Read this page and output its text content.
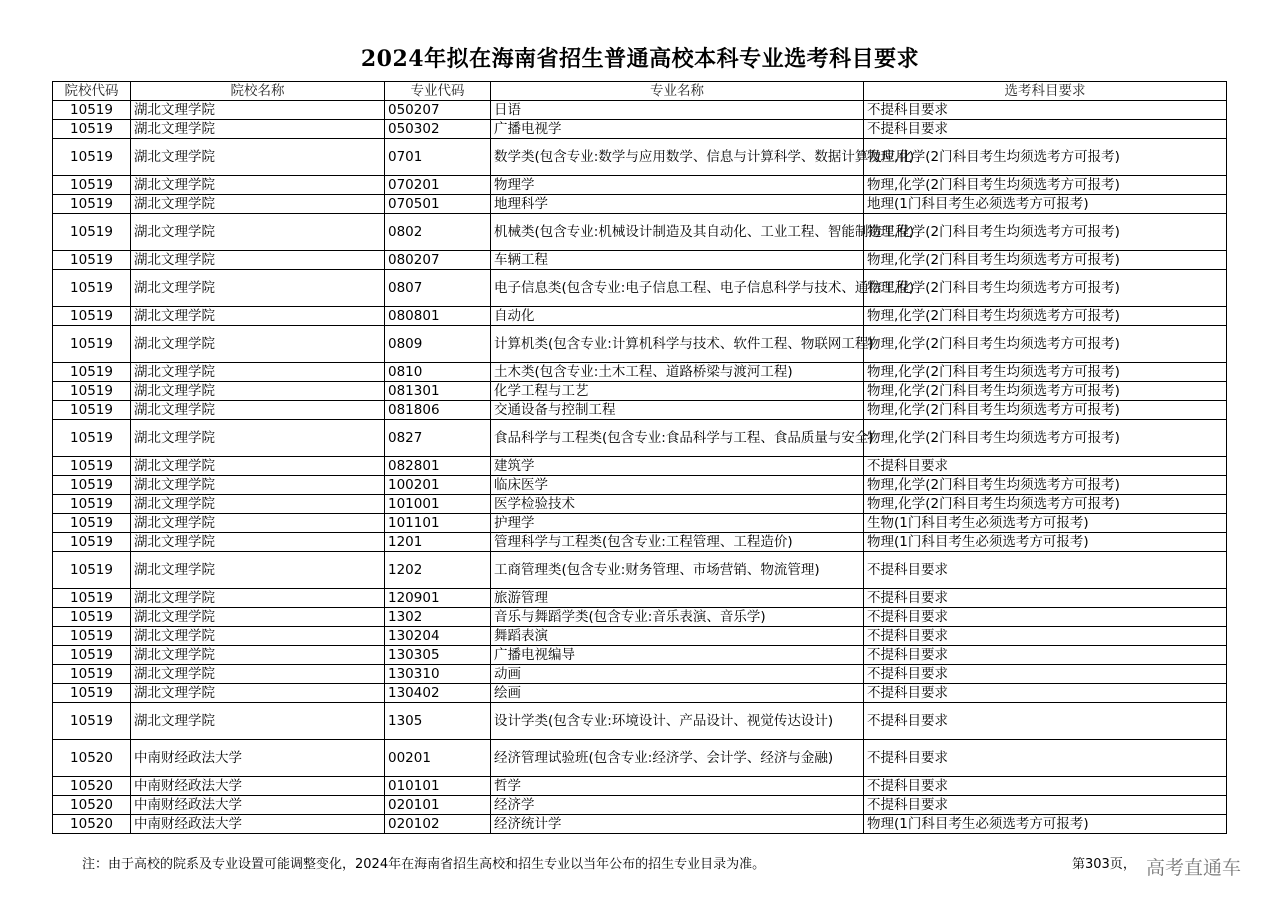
2024年拟在海南省招生普通高校本科专业选考科目要求
院校代码	院校名称	专业代码	专业名称	选考科目要求
10519	湖北文理学院	050207	日语	不提科目要求
10519	湖北文理学院	050302	广播电视学	不提科目要求
10519	湖北文理学院	0701	数学类(包含专业:数学与应用数学、信息与计算科学、数据计算及应用)	物理,化学(2门科目考生均须选考方可报考)
10519	湖北文理学院	070201	物理学	物理,化学(2门科目考生均须选考方可报考)
10519	湖北文理学院	070501	地理科学	地理(1门科目考生必须选考方可报考)
10519	湖北文理学院	0802	机械类(包含专业:机械设计制造及其自动化、工业工程、智能制造工程)	物理,化学(2门科目考生均须选考方可报考)
10519	湖北文理学院	080207	车辆工程	物理,化学(2门科目考生均须选考方可报考)
10519	湖北文理学院	0807	电子信息类(包含专业:电子信息工程、电子信息科学与技术、通信工程)	物理,化学(2门科目考生均须选考方可报考)
10519	湖北文理学院	080801	自动化	物理,化学(2门科目考生均须选考方可报考)
10519	湖北文理学院	0809	计算机类(包含专业:计算机科学与技术、软件工程、物联网工程)	物理,化学(2门科目考生均须选考方可报考)
10519	湖北文理学院	0810	土木类(包含专业:土木工程、道路桥梁与渡河工程)	物理,化学(2门科目考生均须选考方可报考)
10519	湖北文理学院	081301	化学工程与工艺	物理,化学(2门科目考生均须选考方可报考)
10519	湖北文理学院	081806	交通设备与控制工程	物理,化学(2门科目考生均须选考方可报考)
10519	湖北文理学院	0827	食品科学与工程类(包含专业:食品科学与工程、食品质量与安全)	物理,化学(2门科目考生均须选考方可报考)
10519	湖北文理学院	082801	建筑学	不提科目要求
10519	湖北文理学院	100201	临床医学	物理,化学(2门科目考生均须选考方可报考)
10519	湖北文理学院	101001	医学检验技术	物理,化学(2门科目考生均须选考方可报考)
10519	湖北文理学院	101101	护理学	生物(1门科目考生必须选考方可报考)
10519	湖北文理学院	1201	管理科学与工程类(包含专业:工程管理、工程造价)	物理(1门科目考生必须选考方可报考)
10519	湖北文理学院	1202	工商管理类(包含专业:财务管理、市场营销、物流管理)	不提科目要求
10519	湖北文理学院	120901	旅游管理	不提科目要求
10519	湖北文理学院	1302	音乐与舞蹈学类(包含专业:音乐表演、音乐学)	不提科目要求
10519	湖北文理学院	130204	舞蹈表演	不提科目要求
10519	湖北文理学院	130305	广播电视编导	不提科目要求
10519	湖北文理学院	130310	动画	不提科目要求
10519	湖北文理学院	130402	绘画	不提科目要求
10519	湖北文理学院	1305	设计学类(包含专业:环境设计、产品设计、视觉传达设计)	不提科目要求
10520	中南财经政法大学	00201	经济管理试验班(包含专业:经济学、会计学、经济与金融)	不提科目要求
10520	中南财经政法大学	010101	哲学	不提科目要求
10520	中南财经政法大学	020101	经济学	不提科目要求
10520	中南财经政法大学	020102	经济统计学	物理(1门科目考生必须选考方可报考)
注：由于高校的院系及专业设置可能调整变化，2024年在海南省招生高校和招生专业以当年公布的招生专业目录为准。	第303页， 高考直通车
